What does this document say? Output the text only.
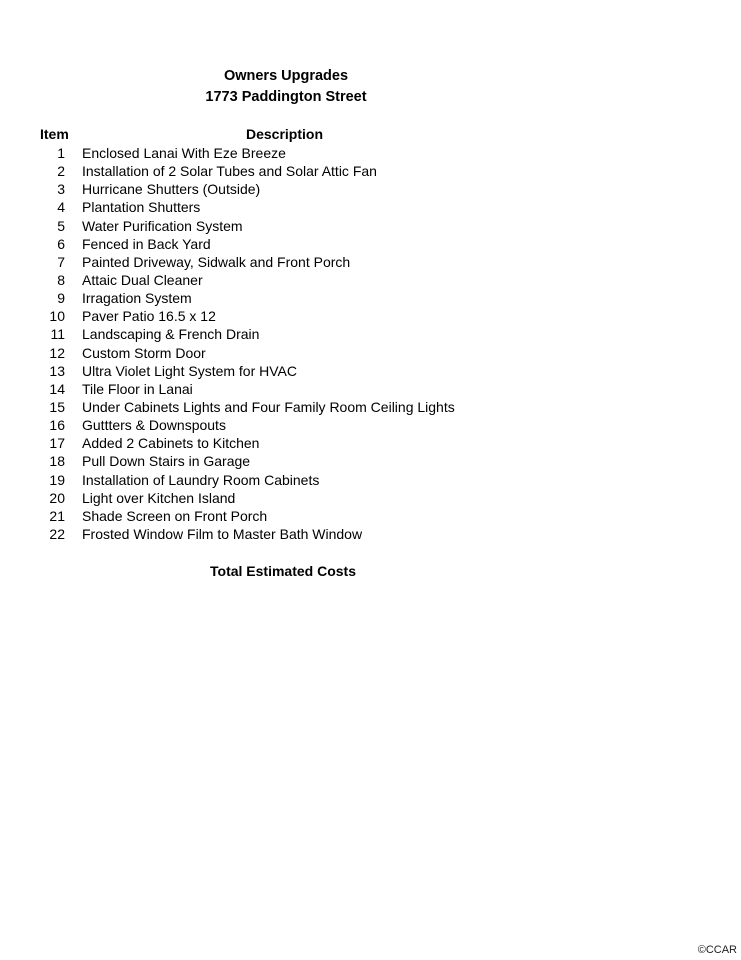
Owners Upgrades
1773 Paddington Street
Item	Description
1 Enclosed Lanai With Eze Breeze
2 Installation of 2 Solar Tubes and Solar Attic Fan
3 Hurricane Shutters (Outside)
4 Plantation Shutters
5 Water Purification System
6 Fenced in Back Yard
7 Painted Driveway, Sidwalk and Front Porch
8 Attaic Dual Cleaner
9 Irragation System
10 Paver Patio 16.5 x 12
11 Landscaping & French Drain
12 Custom Storm Door
13 Ultra Violet Light System for HVAC
14 Tile Floor in Lanai
15 Under Cabinets Lights and Four Family Room Ceiling Lights
16 Guttters & Downspouts
17 Added 2 Cabinets to Kitchen
18 Pull Down Stairs in Garage
19 Installation of Laundry Room Cabinets
20 Light over Kitchen Island
21 Shade Screen on Front Porch
22 Frosted Window Film to Master Bath Window
Total Estimated Costs
©CCAR
